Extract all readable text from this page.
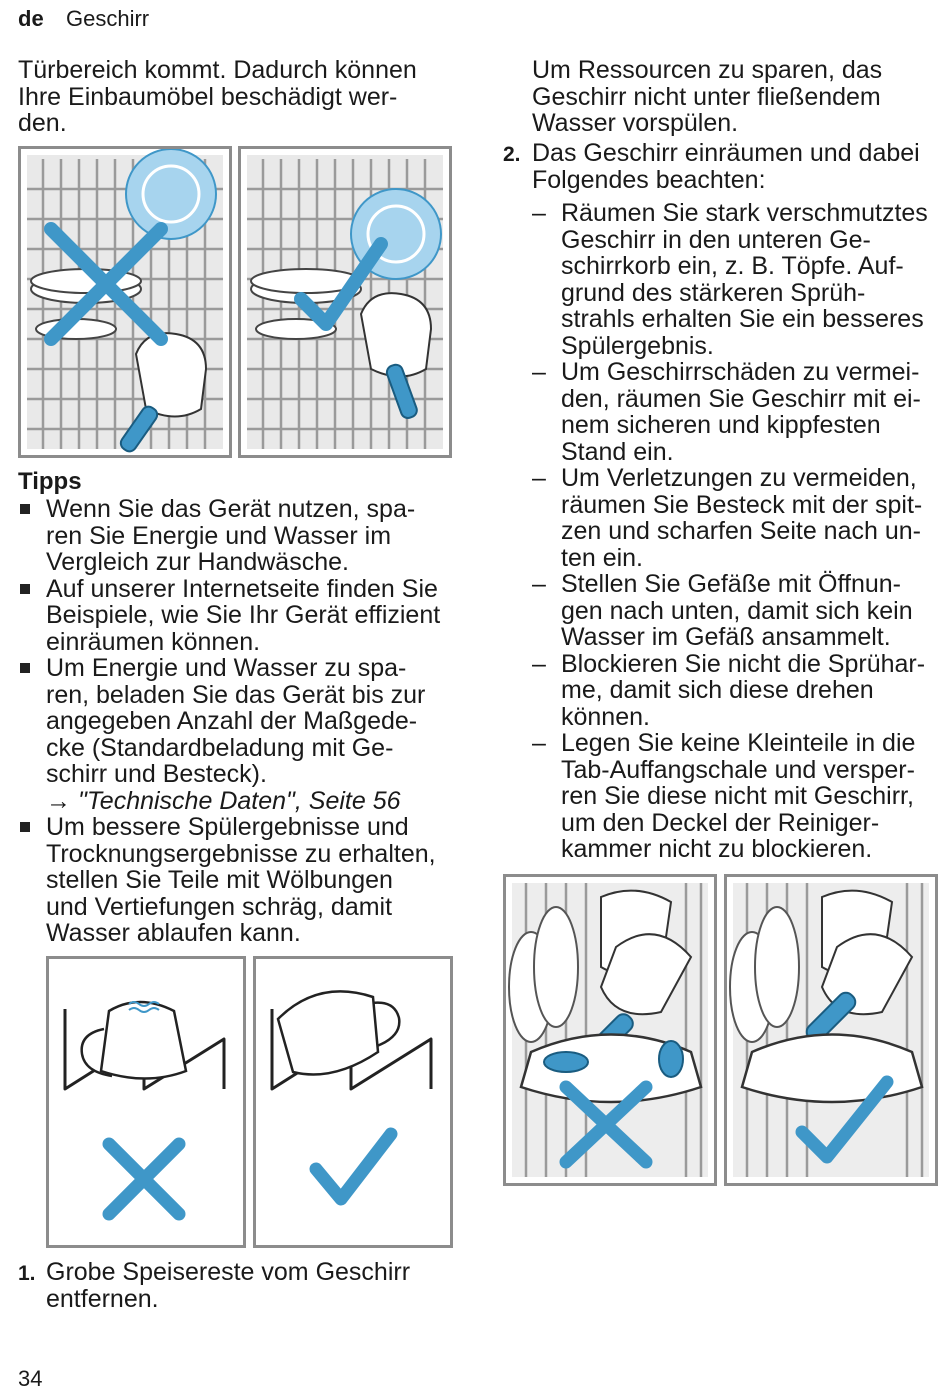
de Geschirr

Türbereich kommt. Dadurch können

Ihre Einbaumöbel beschädigt wer-

den.

Tipps
Wenn Sie das Gerät nutzen, spa-
ren Sie Energie und Wasser im
Vergleich zur Handwäsche.
Auf unserer Internetseite finden Sie
Beispiele, wie Sie Ihr Gerät effizient
einräumen können.
Um Energie und Wasser zu spa-
ren, beladen Sie das Gerät bis zur
angegeben Anzahl der Maßgede-
cke (Standardbeladung mit Ge-
schirr und Besteck).
→ "Technische Daten", Seite 56
Um bessere Spülergebnisse und
Trocknungsergebnisse zu erhalten,
stellen Sie Teile mit Wölbungen
und Vertiefungen schräg, damit
Wasser ablaufen kann.
1. Grobe Speisereste vom Geschirr

entfernen.

Um Ressourcen zu sparen, das

Geschirr nicht unter fließendem

Wasser vorspülen.

2. Das Geschirr einräumen und dabei

Folgendes beachten:

– Räumen Sie stark verschmutztes
Geschirr in den unteren Ge-
schirrkorb ein, z. B. Töpfe. Auf-
grund des stärkeren Sprüh-
strahls erhalten Sie ein besseres
Spülergebnis.
– Um Geschirrschäden zu vermei-
den, räumen Sie Geschirr mit ei-
nem sicheren und kippfesten
Stand ein.
– Um Verletzungen zu vermeiden,
räumen Sie Besteck mit der spit-
zen und scharfen Seite nach un-
ten ein.
– Stellen Sie Gefäße mit Öffnun-
gen nach unten, damit sich kein
Wasser im Gefäß ansammelt.
– Blockieren Sie nicht die Sprühar-
me, damit sich diese drehen
können.
– Legen Sie keine Kleinteile in die
Tab-Auffangschale und versper-
ren Sie diese nicht mit Geschirr,
um den Deckel der Reiniger-
kammer nicht zu blockieren.
34
